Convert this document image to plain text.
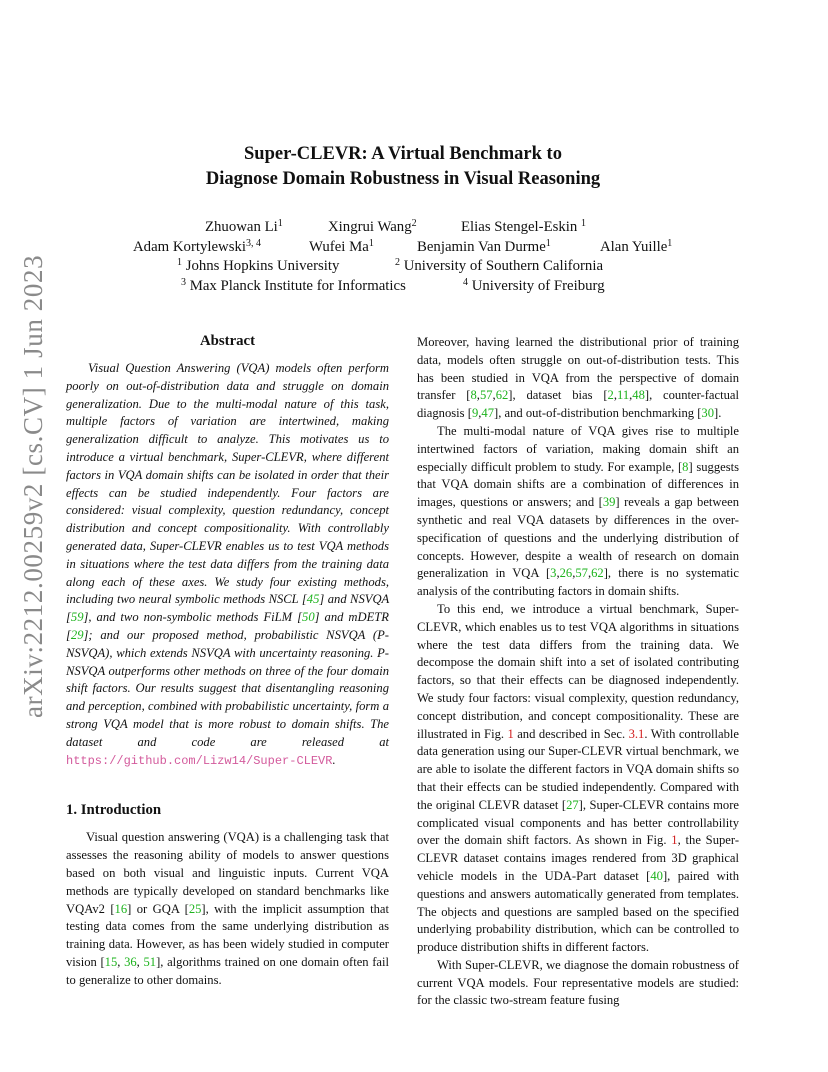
arXiv:2212.00259v2 [cs.CV] 1 Jun 2023
Super-CLEVR: A Virtual Benchmark to
Diagnose Domain Robustness in Visual Reasoning
Zhuowan Li$^1$	Xingrui Wang$^2$	Elias Stengel-Eskin $^1$
Adam Kortylewski$^{3, 4}$	Wufei Ma$^1$	Benjamin Van Durme$^1$	Alan Yuille$^1$
$^1$ Johns Hopkins University	$^2$ University of Southern California
$^3$ Max Planck Institute for Informatics	$^4$ University of Freiburg
Abstract

Visual Question Answering (VQA) models often perform poorly on out-of-distribution data and struggle on domain generalization. Due to the multi-modal nature of this task, multiple factors of variation are intertwined, making generalization difficult to analyze. This motivates us to introduce a virtual benchmark, Super-CLEVR, where different factors in VQA domain shifts can be isolated in order that their effects can be studied independently. Four factors are considered: visual complexity, question redundancy, concept distribution and concept compositionality. With controllably generated data, Super-CLEVR enables us to test VQA methods in situations where the test data differs from the training data along each of these axes. We study four existing methods, including two neural symbolic methods NSCL [45] and NSVQA [59], and two non-symbolic methods FiLM [50] and mDETR [29]; and our proposed method, probabilistic NSVQA (P-NSVQA), which extends NSVQA with uncertainty reasoning. P-NSVQA outperforms other methods on three of the four domain shift factors. Our results suggest that disentangling reasoning and perception, combined with probabilistic uncertainty, form a strong VQA model that is more robust to domain shifts. The dataset and code are released at https://github.com/Lizw14/Super-CLEVR.

1. Introduction

Visual question answering (VQA) is a challenging task that assesses the reasoning ability of models to answer questions based on both visual and linguistic inputs. Current VQA methods are typically developed on standard benchmarks like VQAv2 [16] or GQA [25], with the implicit assumption that testing data comes from the same underlying distribution as training data. However, as has been widely studied in computer vision [15, 36, 51], algorithms trained on one domain often fail to generalize to other domains.

Moreover, having learned the distributional prior of training data, models often struggle on out-of-distribution tests. This has been studied in VQA from the perspective of domain transfer [8,57,62], dataset bias [2,11,48], counter-factual diagnosis [9,47], and out-of-distribution benchmarking [30].

The multi-modal nature of VQA gives rise to multiple intertwined factors of variation, making domain shift an especially difficult problem to study. For example, [8] suggests that VQA domain shifts are a combination of differences in images, questions or answers; and [39] reveals a gap between synthetic and real VQA datasets by differences in the over-specification of questions and the underlying distribution of concepts. However, despite a wealth of research on domain generalization in VQA [3,26,57,62], there is no systematic analysis of the contributing factors in domain shifts.

To this end, we introduce a virtual benchmark, Super-CLEVR, which enables us to test VQA algorithms in situations where the test data differs from the training data. We decompose the domain shift into a set of isolated contributing factors, so that their effects can be diagnosed independently. We study four factors: visual complexity, question redundancy, concept distribution, and concept compositionality. These are illustrated in Fig. 1 and described in Sec. 3.1. With controllable data generation using our Super-CLEVR virtual benchmark, we are able to isolate the different factors in VQA domain shifts so that their effects can be studied independently. Compared with the original CLEVR dataset [27], Super-CLEVR contains more complicated visual components and has better controllability over the domain shift factors. As shown in Fig. 1, the Super-CLEVR dataset contains images rendered from 3D graphical vehicle models in the UDA-Part dataset [40], paired with questions and answers automatically generated from templates. The objects and questions are sampled based on the specified underlying probability distribution, which can be controlled to produce distribution shifts in different factors.

With Super-CLEVR, we diagnose the domain robustness of current VQA models. Four representative models are studied: for the classic two-stream feature fusing
